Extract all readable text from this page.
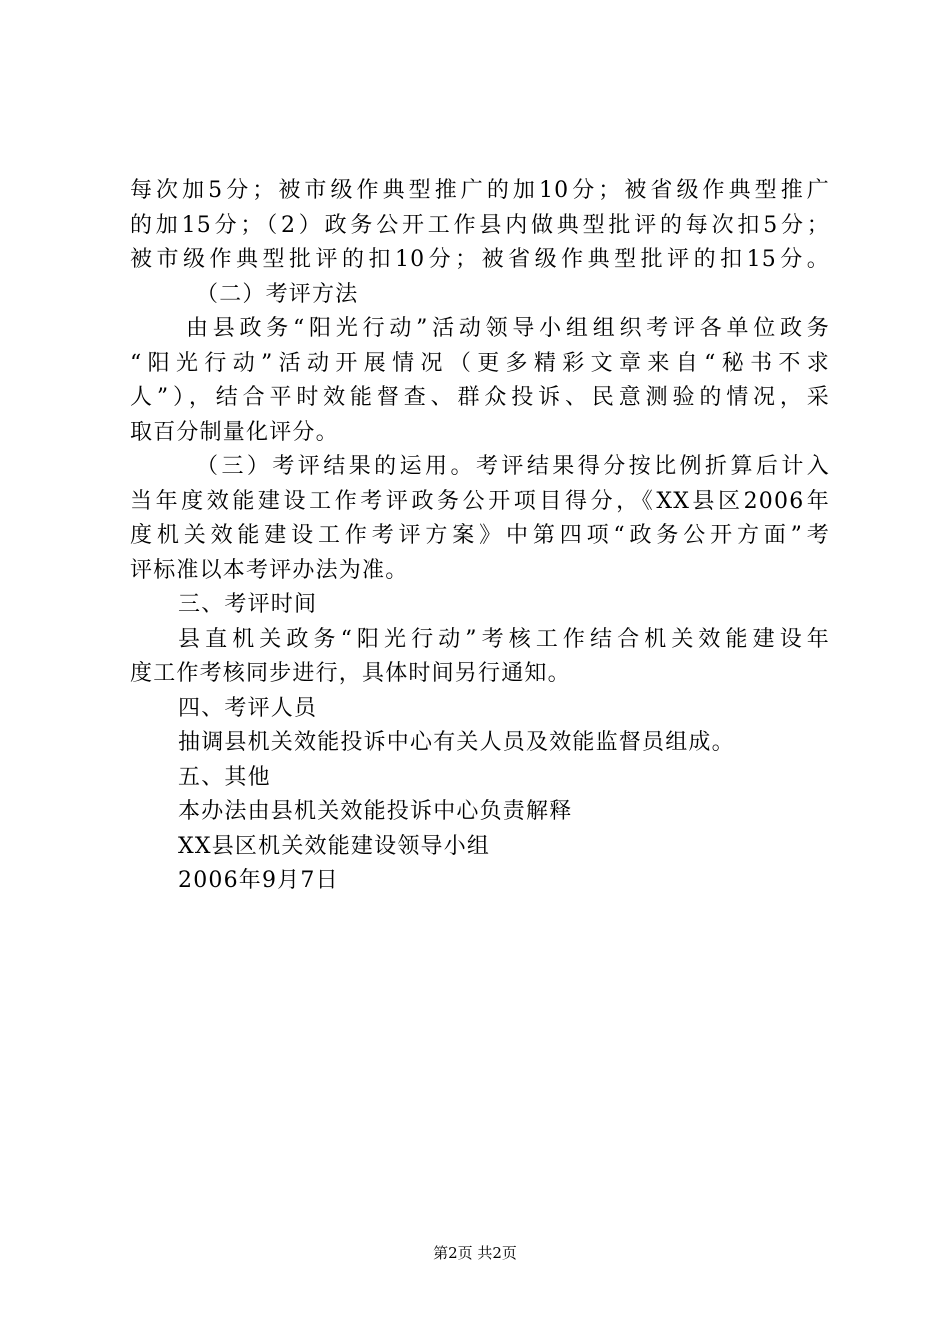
每次加5分；被市级作典型推广的加10分；被省级作典型推广
的加15分；（2）政务公开工作县内做典型批评的每次扣5分；
被市级作典型批评的扣10分；被省级作典型批评的扣15分。
（二）考评方法
由县政务“阳光行动”活动领导小组组织考评各单位政务
“阳光行动”活动开展情况（更多精彩文章来自“秘书不求
人”），结合平时效能督查、群众投诉、民意测验的情况，采
取百分制量化评分。
（三）考评结果的运用。考评结果得分按比例折算后计入
当年度效能建设工作考评政务公开项目得分，《XX县区2006年
度机关效能建设工作考评方案》中第四项“政务公开方面”考
评标准以本考评办法为准。
三、考评时间
县直机关政务“阳光行动”考核工作结合机关效能建设年
度工作考核同步进行，具体时间另行通知。
四、考评人员
抽调县机关效能投诉中心有关人员及效能监督员组成。
五、其他
本办法由县机关效能投诉中心负责解释
XX县区机关效能建设领导小组
2006年9月7日
第2页 共2页
